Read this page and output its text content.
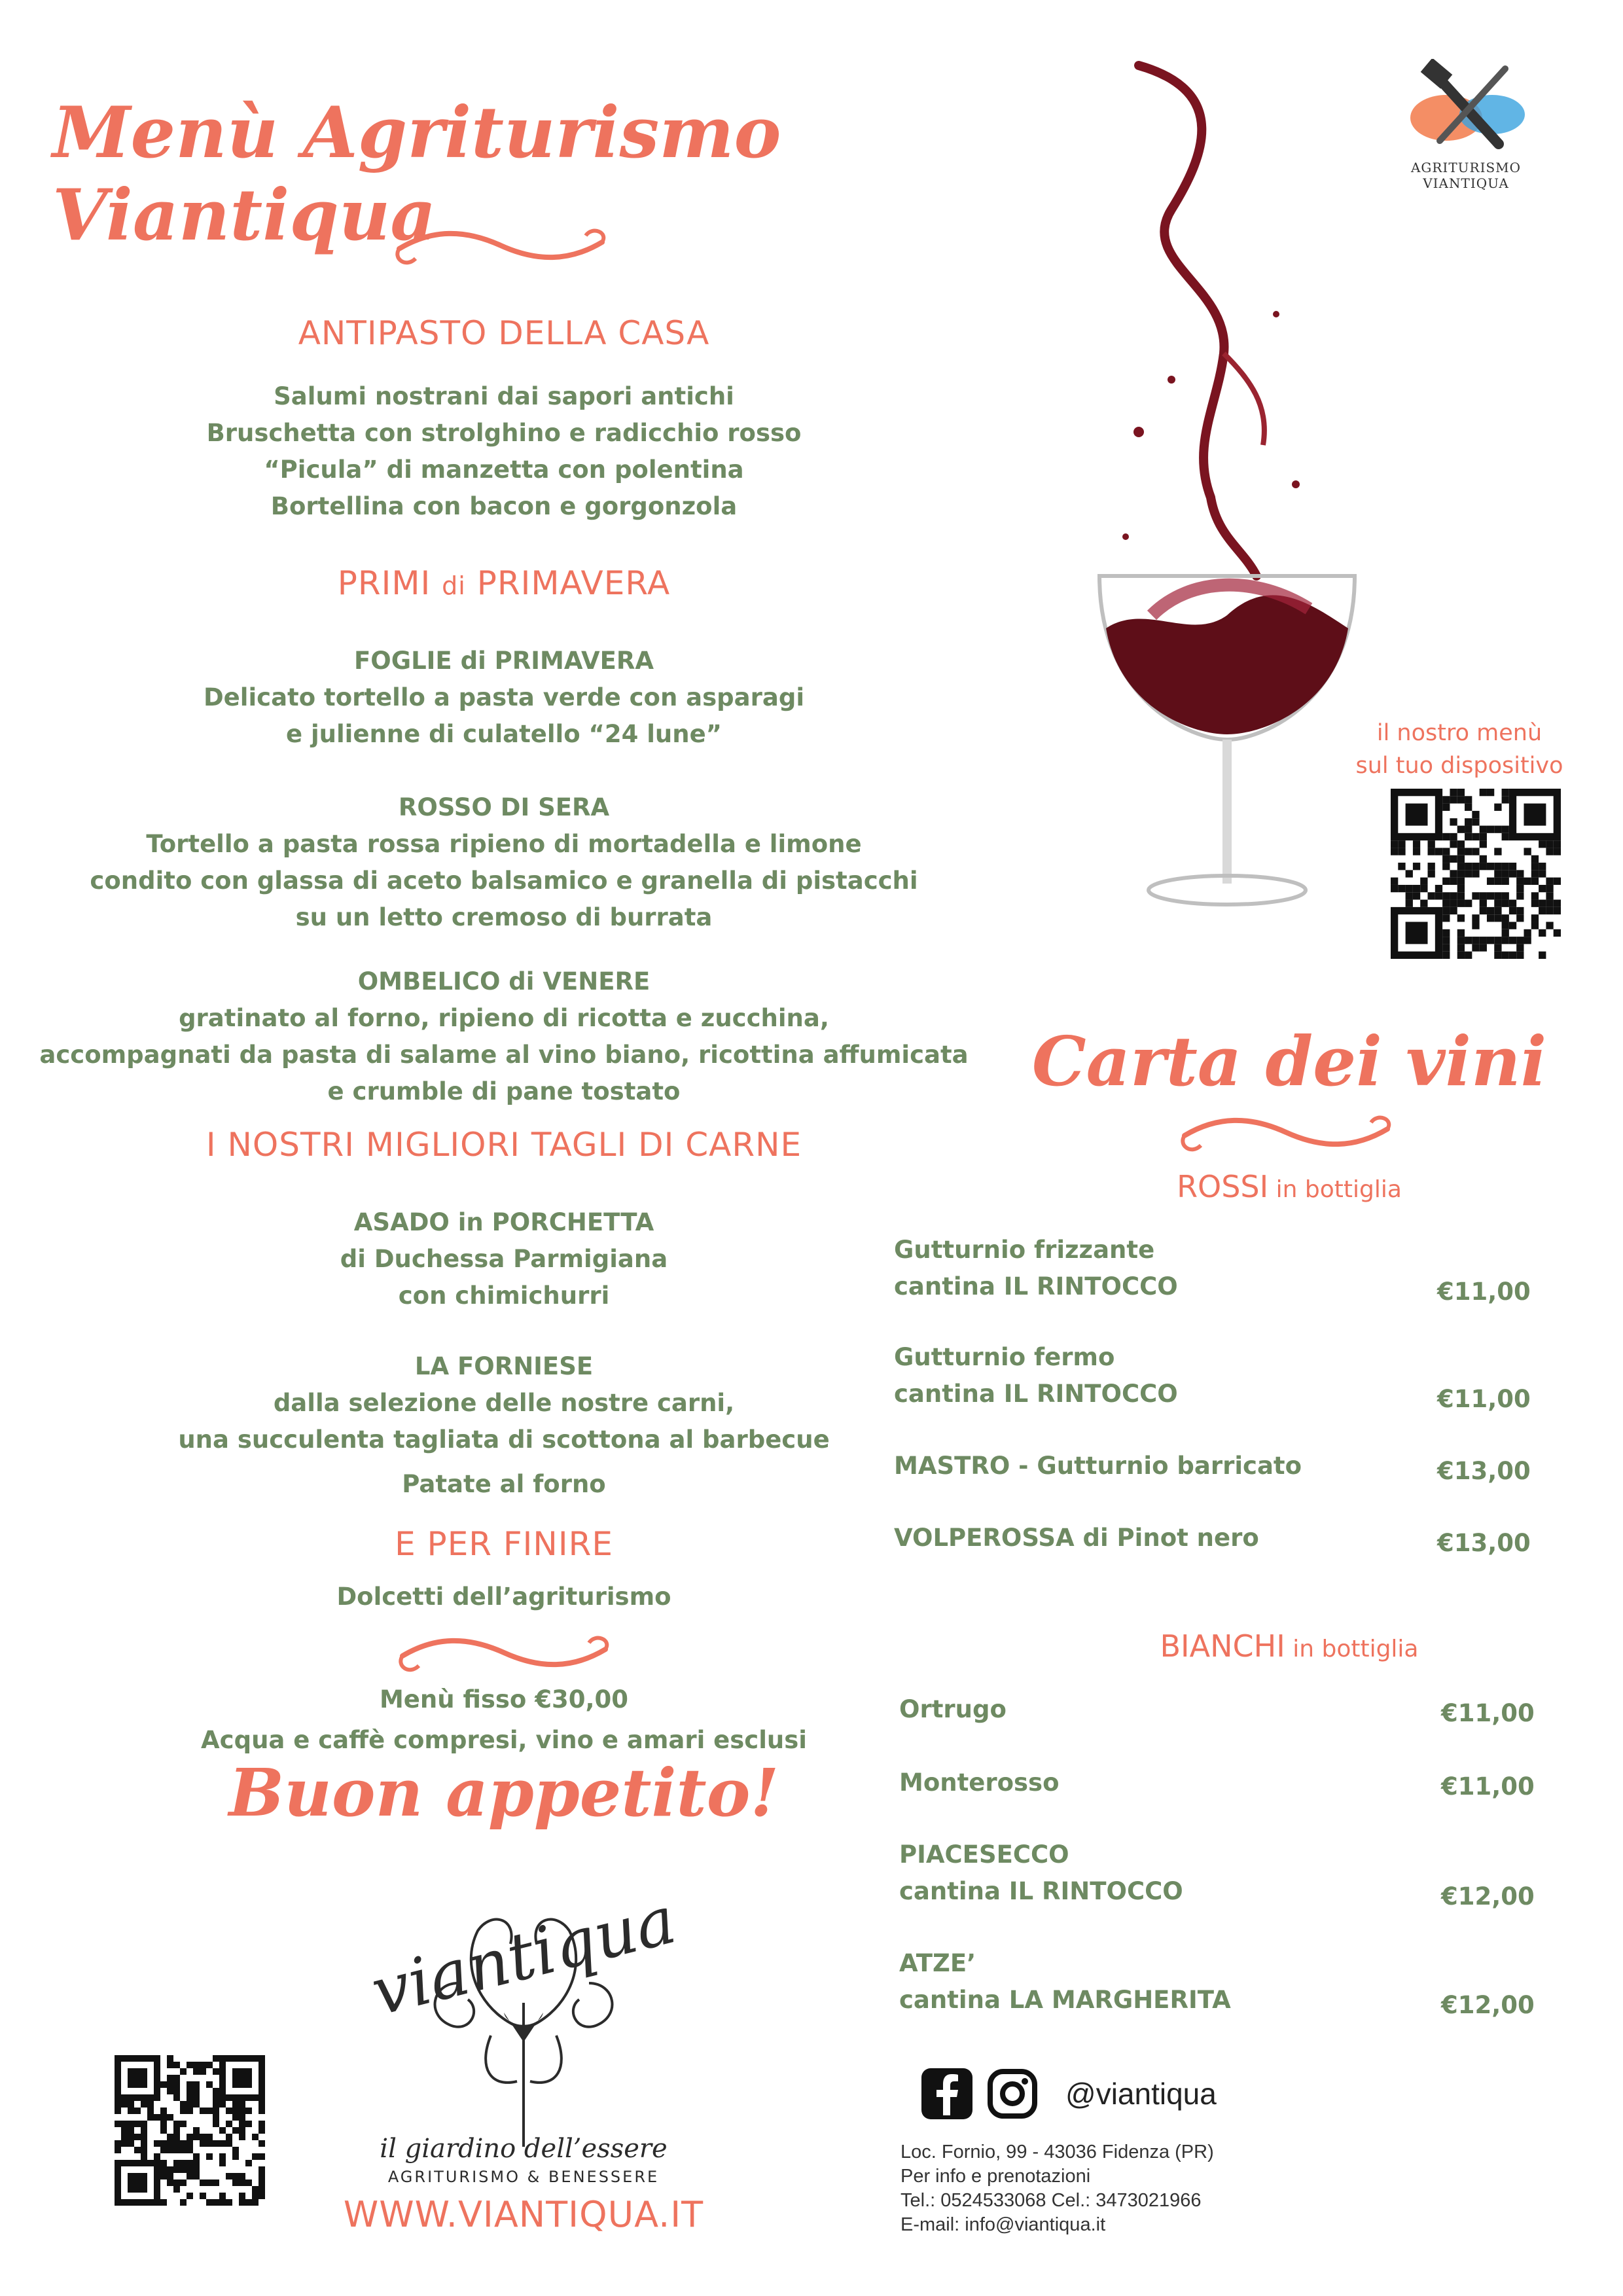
Menù Agriturismo Viantiqua
ANTIPASTO DELLA CASA
Salumi nostrani dai sapori antichi
Bruschetta con strolghino e radicchio rosso
“Picula” di manzetta con polentina
Bortellina con bacon e gorgonzola
PRIMI di PRIMAVERA
FOGLIE di PRIMAVERA
Delicato tortello a pasta verde con asparagi
e julienne di culatello “24 lune”
ROSSO DI SERA
Tortello a pasta rossa ripieno di mortadella e limone
condito con glassa di aceto balsamico e granella di pistacchi
su un letto cremoso di burrata
OMBELICO di VENERE
gratinato al forno, ripieno di ricotta e zucchina,
accompagnati da pasta di salame al vino biano, ricottina affumicata
e crumble di pane tostato
I NOSTRI MIGLIORI TAGLI DI CARNE
ASADO in PORCHETTA
di Duchessa Parmigiana
con chimichurri
LA FORNIESE
dalla selezione delle nostre carni,
una succulenta tagliata di scottona al barbecue
Patate al forno
E PER FINIRE
Dolcetti dell’agriturismo
Menù fisso €30,00
Acqua e caffè compresi, vino e amari esclusi
Buon appetito!
viantiqua
il giardino dell’essere
AGRITURISMO & BENESSERE
WWW.VIANTIQUA.IT
AGRITURISMO
VIANTIQUA
il nostro menù
sul tuo dispositivo
Carta dei vini
ROSSI in bottiglia
Gutturnio frizzante
cantina IL RINTOCCO	€11,00
Gutturnio fermo
cantina IL RINTOCCO	€11,00
MASTRO - Gutturnio barricato	€13,00
VOLPEROSSA di Pinot nero	€13,00
BIANCHI in bottiglia
Ortrugo	€11,00
Monterosso	€11,00
PIACESECCO
cantina IL RINTOCCO	€12,00
ATZE’
cantina LA MARGHERITA	€12,00
@viantiqua
Loc. Fornio, 99 - 43036 Fidenza (PR)
Per info e prenotazioni
Tel.: 0524533068 Cel.: 3473021966
E-mail: info@viantiqua.it
